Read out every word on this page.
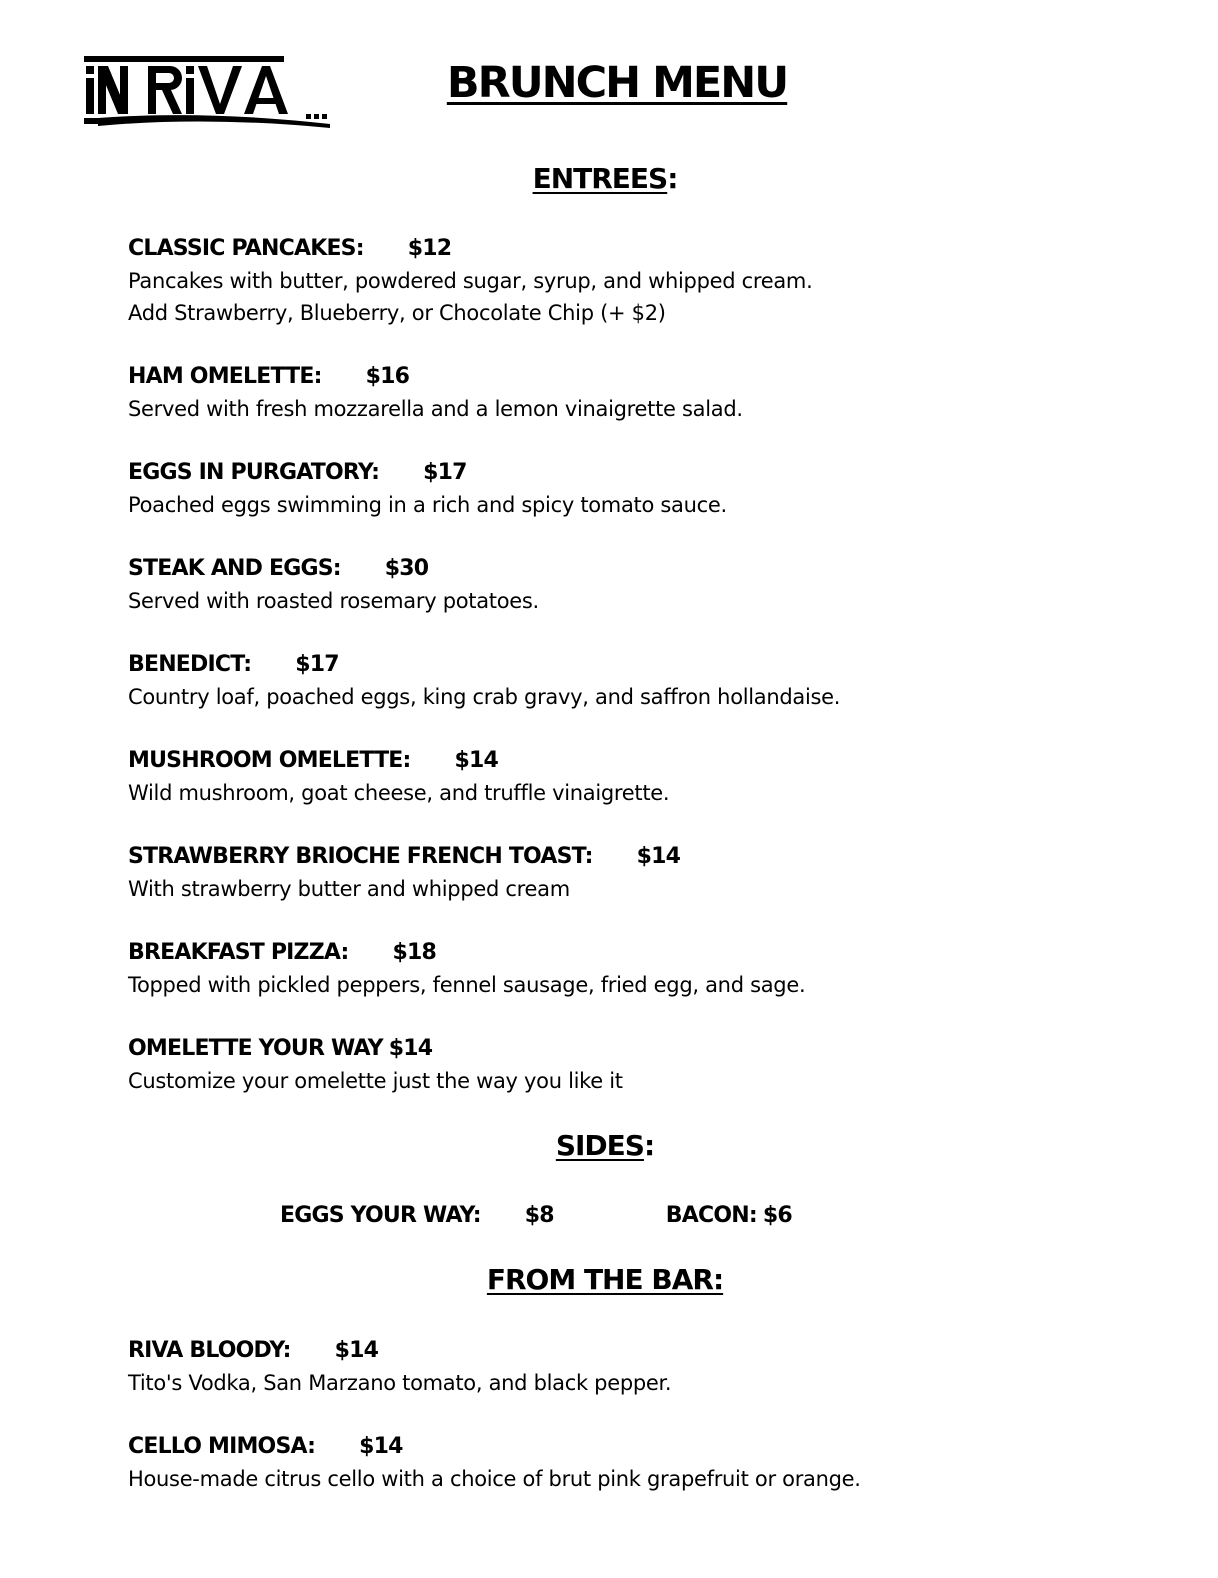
BRUNCH MENU
ENTREES:
CLASSIC PANCAKES: $12
Pancakes with butter, powdered sugar, syrup, and whipped cream.
Add Strawberry, Blueberry, or Chocolate Chip (+ $2)
HAM OMELETTE: $16
Served with fresh mozzarella and a lemon vinaigrette salad.
EGGS IN PURGATORY: $17
Poached eggs swimming in a rich and spicy tomato sauce.
STEAK AND EGGS: $30
Served with roasted rosemary potatoes.
BENEDICT: $17
Country loaf, poached eggs, king crab gravy, and saffron hollandaise.
MUSHROOM OMELETTE: $14
Wild mushroom, goat cheese, and truffle vinaigrette.
STRAWBERRY BRIOCHE FRENCH TOAST: $14
With strawberry butter and whipped cream
BREAKFAST PIZZA: $18
Topped with pickled peppers, fennel sausage, fried egg, and sage.
OMELETTE YOUR WAY $14
Customize your omelette just the way you like it
SIDES:
EGGS YOUR WAY: $8	BACON: $6
FROM THE BAR:
RIVA BLOODY: $14
Tito's Vodka, San Marzano tomato, and black pepper.
CELLO MIMOSA: $14
House-made citrus cello with a choice of brut pink grapefruit or orange.
